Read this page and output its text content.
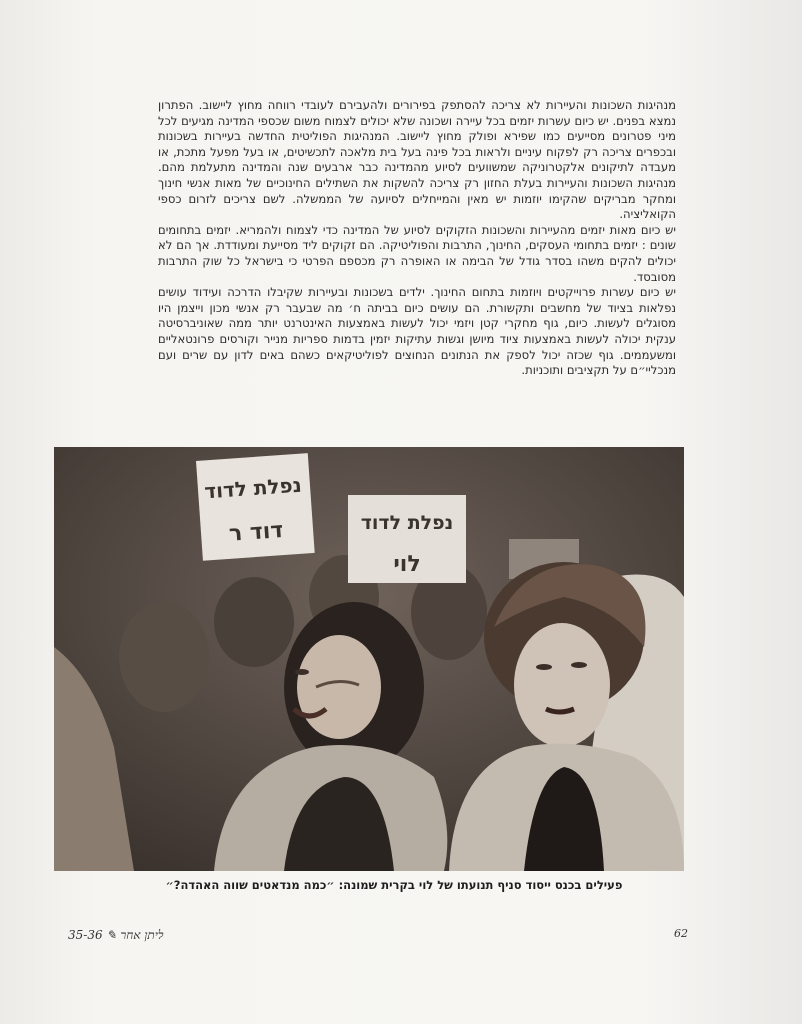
מנהיגות השכונות והעיירות לא צריכה להסתפק בפירורים ולהעבירם לעובדי רווחה מחוץ ליישוב. הפתרון נמצא בפנים. יש כיום עשרות יזמים בכל עיירה ושכונה שלא יכולים לצמוח משום שכספי המדינה מגיעים לכל מיני פטרונים מסייעים כמו שפירא ופולק מחוץ ליישוב. המנהיגות הפוליטית החדשה בעיירות בשכונות ובכפרים צריכה רק לפקוח עיניים ולראות בכל פינה בעל בית מלאכה לתכשיטים, או בעל מפעל מתכת, או מעבדה לתיקונים אלקטרוניקה שמשוועים לסיוע מהמדינה כבר ארבעים שנה והמדינה מתעלמת מהם. מנהיגות השכונות והעיירות בעלת החזון רק צריכה להשקות את השתילים החינוכיים של מאות אנשי חינוך ומחקר מבריקים שהקימו יוזמות יש מאין והמייחלים לסיועה של הממשלה. לשם צריכים לזרום כספי הקואליציה.

יש כיום מאות יזמים מהעיירות והשכונות הזקוקים לסיוע של המדינה כדי לצמוח ולהמריא. יזמים בתחומים שונים : יזמים בתחומי העסקים, החינוך, התרבות והפוליטיקה. הם זקוקים ליד מסייעת ומעודדת. אך הם לא יכולים להקים משהו בסדר גודל של הבימה או האופרה רק מכספם הפרטי כי בישראל כל שוק התרבות מסובסד.

יש כיום עשרות פרוייקטים ויוזמות בתחום החינוך. ילדים בשכונות ובעיירות שקיבלו הדרכה ועידוד עושים נפלאות בציוד של מחשבים ותקשורת. הם עושים כיום בביתה ח׳ מה שבעבר רק אנשי מכון וייצמן היו מסוגלים לעשות. כיום, גוף מחקרי קטן ויזמי יכול לעשות באמצעות האינטרנט יותר ממה שאוניברסיטה ענקית יכולה לעשות באמצעות ציוד מיושן וגשות עתיקות יזמין בדמות ספריות מנייר וקורסים פרונטאליים ומשעממים. גוף שכזה יכול לספק את הנתונים הנחוצים לפוליטיקאים כשהם באים לדון עם שרים ועם מנכליי״ם על תקציבים ותוכניות.

נפלת לדוד
דוד ר	נפלת לדוד
לוי
פעילים בכנס ייסוד סניף תנועתו של לוי בקרית שמונה: ״כמה מנדאטים שווה האהדה?״
ליתן אחר ✎ 35-36	62
